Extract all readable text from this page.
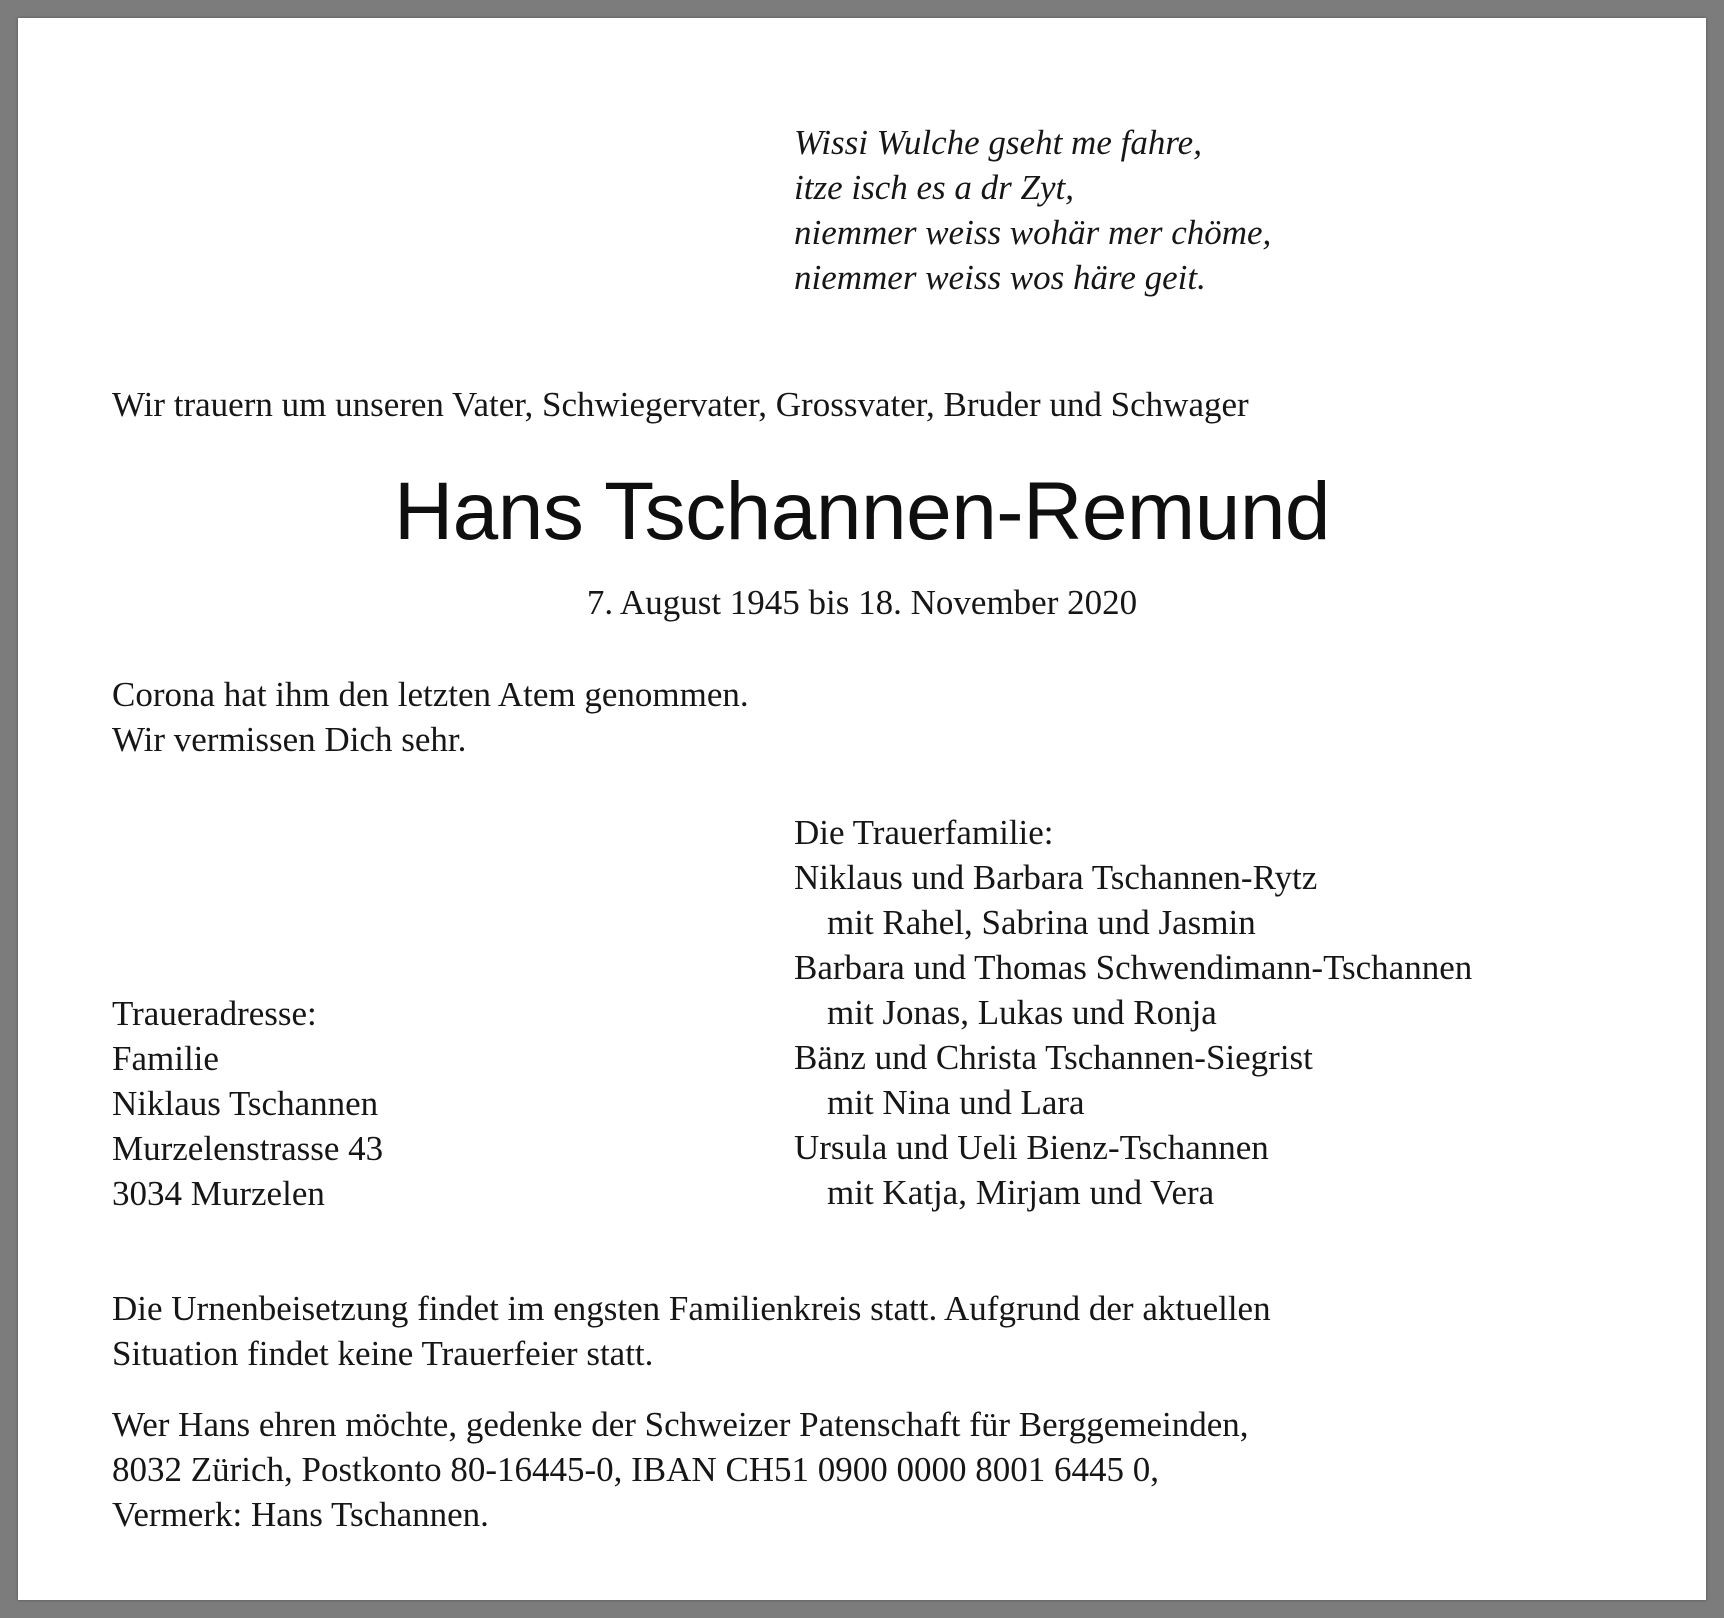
Wissi Wulche gseht me fahre,
itze isch es a dr Zyt,
niemmer weiss wohär mer chöme,
niemmer weiss wos häre geit.
Wir trauern um unseren Vater, Schwiegervater, Grossvater, Bruder und Schwager
Hans Tschannen-Remund
7. August 1945 bis 18. November 2020
Corona hat ihm den letzten Atem genommen.
Wir vermissen Dich sehr.
Die Trauerfamilie:
Niklaus und Barbara Tschannen-Rytz
mit Rahel, Sabrina und Jasmin
Barbara und Thomas Schwendimann-Tschannen
mit Jonas, Lukas und Ronja
Bänz und Christa Tschannen-Siegrist
mit Nina und Lara
Ursula und Ueli Bienz-Tschannen
mit Katja, Mirjam und Vera
Traueradresse:
Familie
Niklaus Tschannen
Murzelenstrasse 43
3034 Murzelen
Die Urnenbeisetzung findet im engsten Familienkreis statt. Aufgrund der aktuellen
Situation findet keine Trauerfeier statt.
Wer Hans ehren möchte, gedenke der Schweizer Patenschaft für Berggemeinden,
8032 Zürich, Postkonto 80-16445-0, IBAN CH51 0900 0000 8001 6445 0,
Vermerk: Hans Tschannen.
